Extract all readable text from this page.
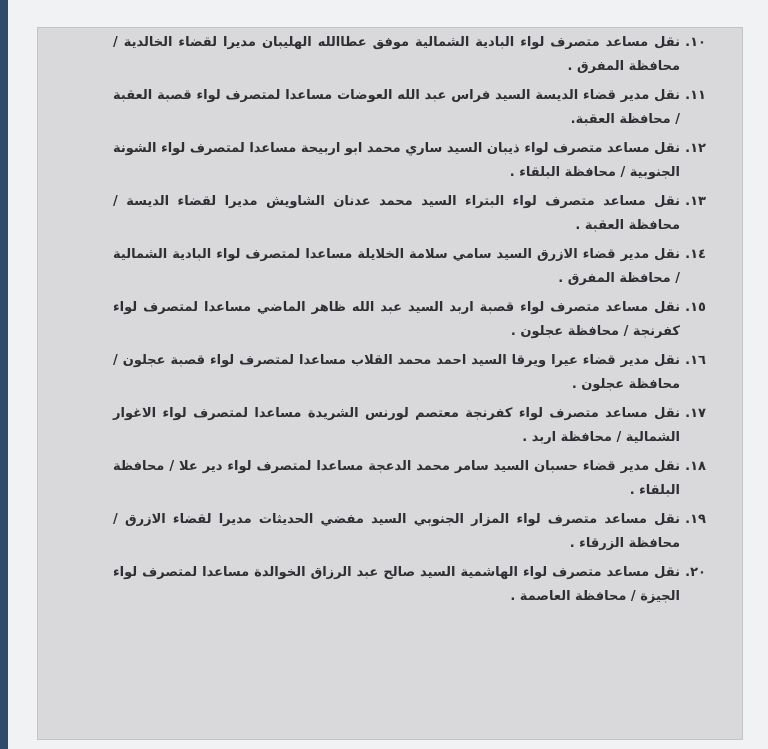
١٠.
نقل مساعد متصرف لواء البادية الشمالية موفق عطاالله الهليبان مديرا لقضاء الخالدية / محافظة المفرق .
١١.
نقل مدير قضاء الديسة السيد فراس عبد الله العوضات مساعدا لمتصرف لواء قصبة العقبة / محافظة العقبة.
١٢.
نقل مساعد متصرف لواء ذيبان السيد ساري محمد ابو اربيحة مساعدا لمتصرف لواء الشونة الجنوبية / محافظة البلقاء .
١٣.
نقل مساعد متصرف لواء البتراء السيد محمد عدنان الشاويش مديرا لقضاء الديسة / محافظة العقبة .
١٤.
نقل مدير قضاء الازرق السيد سامي سلامة الخلايلة مساعدا لمتصرف لواء البادية الشمالية / محافظة المفرق .
١٥.
نقل مساعد متصرف لواء قصبة اربد السيد عبد الله ظاهر الماضي مساعدا لمتصرف لواء كفرنجة / محافظة عجلون .
١٦.
نقل مدير قضاء عيرا ويرقا السيد احمد محمد القلاب مساعدا لمتصرف لواء قصبة عجلون / محافظة عجلون .
١٧.
نقل مساعد متصرف لواء كفرنجة معتصم لورنس الشريدة مساعدا لمتصرف لواء الاغوار الشمالية / محافظة اربد .
١٨.
نقل مدير قضاء حسبان السيد سامر محمد الدعجة مساعدا لمتصرف لواء دير علا / محافظة البلقاء .
١٩.
نقل مساعد متصرف لواء المزار الجنوبي السيد مفضي الحديثات مديرا لقضاء الازرق / محافظة الزرقاء .
٢٠.
نقل مساعد متصرف لواء الهاشمية السيد صالح عبد الرزاق الخوالدة مساعدا لمتصرف لواء الجيزة / محافظة العاصمة .
